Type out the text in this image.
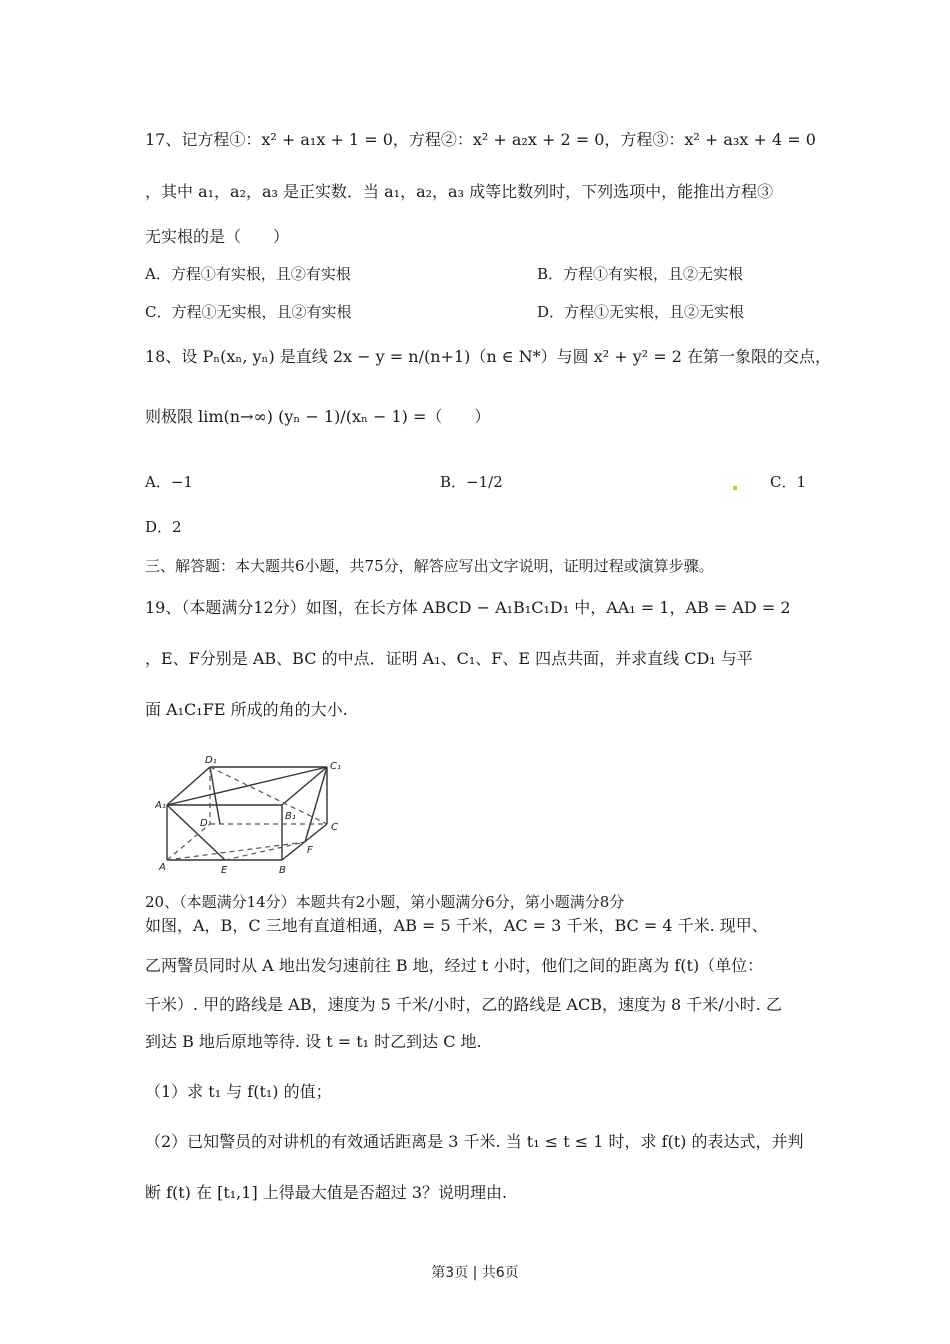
17、记方程①：x² + a₁x + 1 = 0，方程②：x² + a₂x + 2 = 0，方程③：x² + a₃x + 4 = 0
，其中 a₁，a₂，a₃ 是正实数．当 a₁，a₂，a₃ 成等比数列时，下列选项中，能推出方程③
无实根的是（　　）
A．方程①有实根，且②有实根	B．方程①有实根，且②无实根
C．方程①无实根，且②有实根	D．方程①无实根，且②无实根
18、设 Pₙ(xₙ, yₙ) 是直线 2x − y = n/(n+1)（n ∈ N*）与圆 x² + y² = 2 在第一象限的交点，
则极限 lim(n→∞) (yₙ − 1)/(xₙ − 1) =（　　）
A．−1	B．−1/2	C．1
D．2
三、解答题：本大题共6小题，共75分，解答应写出文字说明，证明过程或演算步骤。
19、（本题满分12分）如图，在长方体 ABCD − A₁B₁C₁D₁ 中，AA₁ = 1，AB = AD = 2
，E、F分别是 AB、BC 的中点．证明 A₁、C₁、F、E 四点共面，并求直线 CD₁ 与平
面 A₁C₁FE 所成的角的大小.
D₁
C₁
A₁
B₁
D	C
A	E	B
F
20、（本题满分14分）本题共有2小题，第小题满分6分，第小题满分8分
如图，A，B，C 三地有直道相通，AB = 5 千米，AC = 3 千米，BC = 4 千米. 现甲、
乙两警员同时从 A 地出发匀速前往 B 地，经过 t 小时，他们之间的距离为 f(t)（单位：
千米）. 甲的路线是 AB，速度为 5 千米/小时，乙的路线是 ACB，速度为 8 千米/小时. 乙
到达 B 地后原地等待. 设 t = t₁ 时乙到达 C 地.
（1）求 t₁ 与 f(t₁) 的值；
（2）已知警员的对讲机的有效通话距离是 3 千米. 当 t₁ ≤ t ≤ 1 时，求 f(t) 的表达式，并判
断 f(t) 在 [t₁,1] 上得最大值是否超过 3？说明理由.
第3页 | 共6页
